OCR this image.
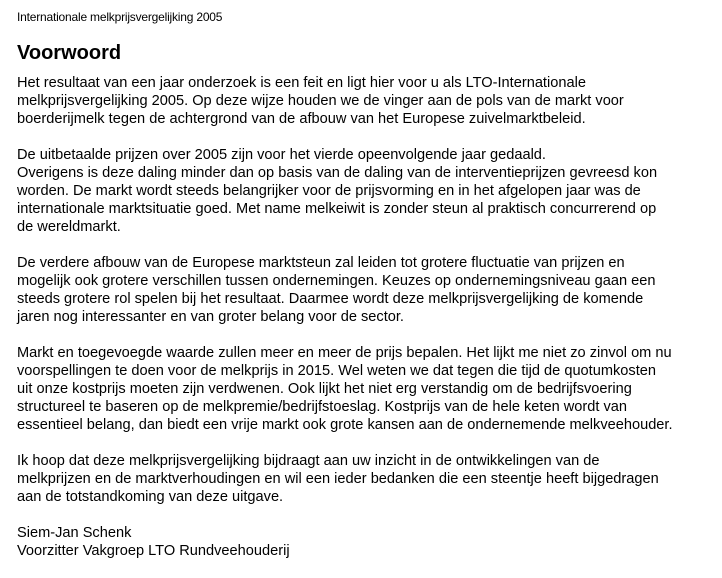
Internationale melkprijsvergelijking 2005
Voorwoord

Het resultaat van een jaar onderzoek is een feit en ligt hier voor u als LTO-Internationale
melkprijsvergelijking 2005. Op deze wijze houden we de vinger aan de pols van de markt voor
boerderijmelk tegen de achtergrond van de afbouw van het Europese zuivelmarktbeleid.

De uitbetaalde prijzen over 2005 zijn voor het vierde opeenvolgende jaar gedaald.
Overigens is deze daling minder dan op basis van de daling van de interventieprijzen gevreesd kon
worden. De markt wordt steeds belangrijker voor de prijsvorming en in het afgelopen jaar was de
internationale marktsituatie goed. Met name melkeiwit is zonder steun al praktisch concurrerend op
de wereldmarkt.

De verdere afbouw van de Europese marktsteun zal leiden tot grotere fluctuatie van prijzen en
mogelijk ook grotere verschillen tussen ondernemingen. Keuzes op ondernemingsniveau gaan een
steeds grotere rol spelen bij het resultaat. Daarmee wordt deze melkprijsvergelijking de komende
jaren nog interessanter en van groter belang voor de sector.

Markt en toegevoegde waarde zullen meer en meer de prijs bepalen. Het lijkt me niet zo zinvol om nu
voorspellingen te doen voor de melkprijs in 2015. Wel weten we dat tegen die tijd de quotumkosten
uit onze kostprijs moeten zijn verdwenen. Ook lijkt het niet erg verstandig om de bedrijfsvoering
structureel te baseren op de melkpremie/bedrijfstoeslag. Kostprijs van de hele keten wordt van
essentieel belang, dan biedt een vrije markt ook grote kansen aan de ondernemende melkveehouder.

Ik hoop dat deze melkprijsvergelijking bijdraagt aan uw inzicht in de ontwikkelingen van de
melkprijzen en de marktverhoudingen en wil een ieder bedanken die een steentje heeft bijgedragen
aan de totstandkoming van deze uitgave.

Siem-Jan Schenk
Voorzitter Vakgroep LTO Rundveehouderij
